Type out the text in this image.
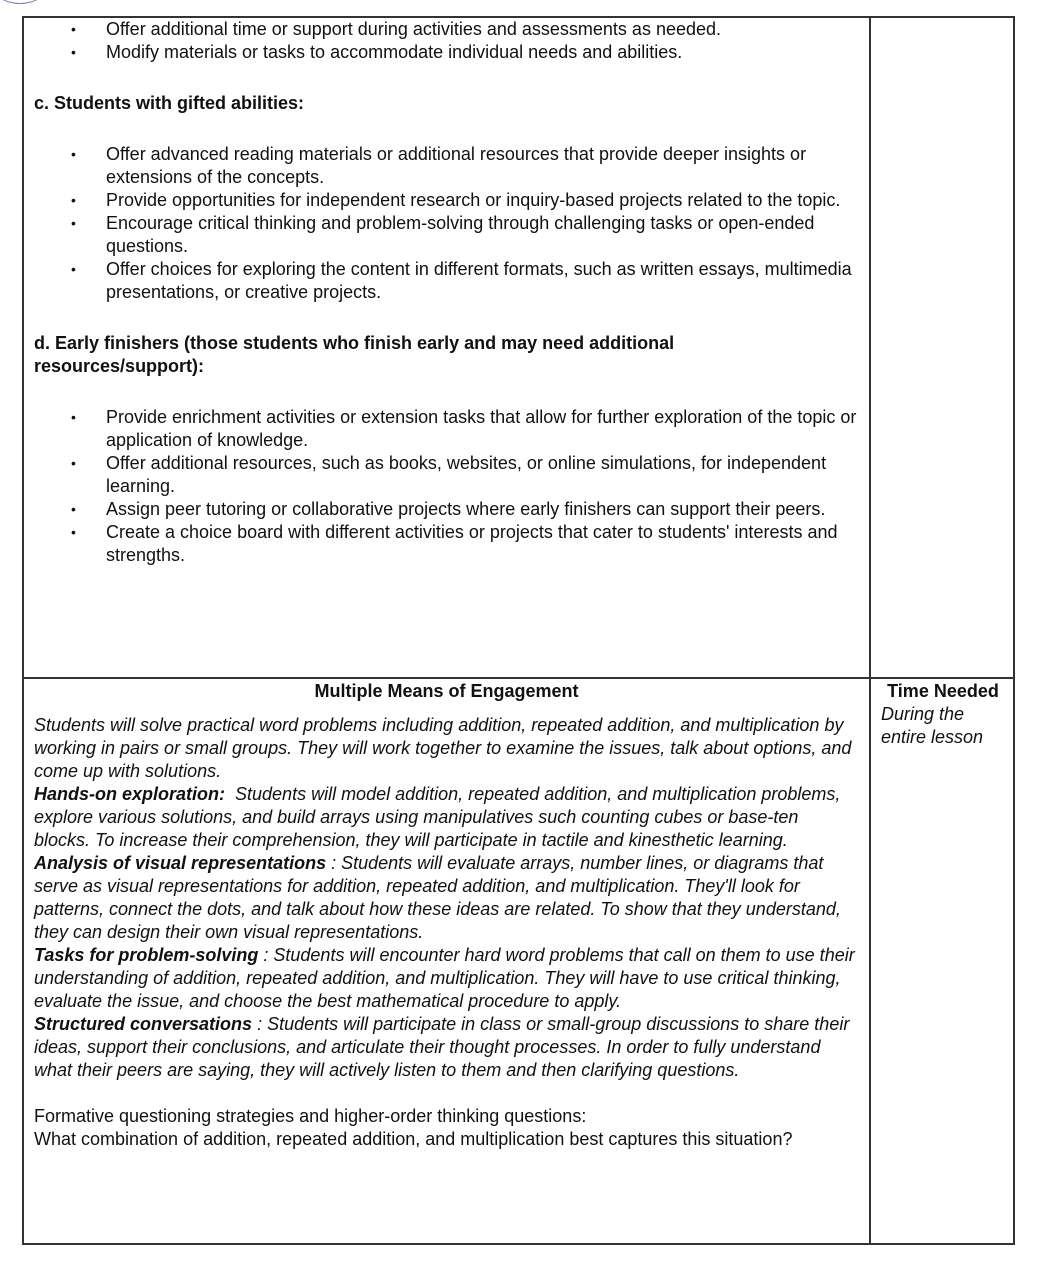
• Offer additional time or support during activities and assessments as needed.
• Modify materials or tasks to accommodate individual needs and abilities.
c. Students with gifted abilities:
• Offer advanced reading materials or additional resources that provide deeper insights or extensions of the concepts.
• Provide opportunities for independent research or inquiry-based projects related to the topic.
• Encourage critical thinking and problem-solving through challenging tasks or open-ended questions.
• Offer choices for exploring the content in different formats, such as written essays, multimedia presentations, or creative projects.
d. Early finishers (those students who finish early and may need additional resources/support):
• Provide enrichment activities or extension tasks that allow for further exploration of the topic or application of knowledge.
• Offer additional resources, such as books, websites, or online simulations, for independent learning.
• Assign peer tutoring or collaborative projects where early finishers can support their peers.
• Create a choice board with different activities or projects that cater to students' interests and strengths.

Multiple Means of Engagement
Students will solve practical word problems including addition, repeated addition, and multiplication by working in pairs or small groups. They will work together to examine the issues, talk about options, and come up with solutions.
Hands-on exploration:  Students will model addition, repeated addition, and multiplication problems, explore various solutions, and build arrays using manipulatives such counting cubes or base-ten blocks. To increase their comprehension, they will participate in tactile and kinesthetic learning.
Analysis of visual representations : Students will evaluate arrays, number lines, or diagrams that serve as visual representations for addition, repeated addition, and multiplication. They'll look for patterns, connect the dots, and talk about how these ideas are related. To show that they understand, they can design their own visual representations.
Tasks for problem-solving : Students will encounter hard word problems that call on them to use their understanding of addition, repeated addition, and multiplication. They will have to use critical thinking, evaluate the issue, and choose the best mathematical procedure to apply.
Structured conversations : Students will participate in class or small-group discussions to share their ideas, support their conclusions, and articulate their thought processes. In order to fully understand what their peers are saying, they will actively listen to them and then clarifying questions.
Formative questioning strategies and higher-order thinking questions:
What combination of addition, repeated addition, and multiplication best captures this situation?

Time Needed
During the entire lesson
